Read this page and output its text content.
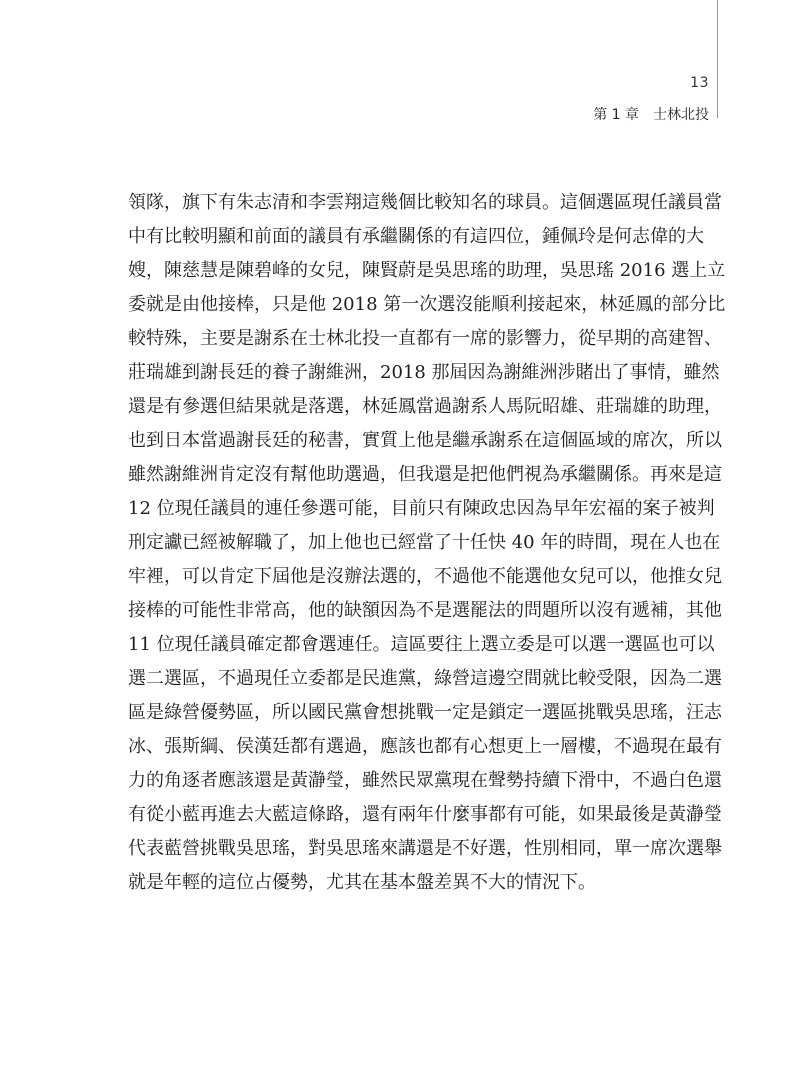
13
第 1 章 士林北投
領隊，旗下有朱志清和李雲翔這幾個比較知名的球員。這個選區現任議員當
中有比較明顯和前面的議員有承繼關係的有這四位，鍾佩玲是何志偉的大
嫂，陳慈慧是陳碧峰的女兒，陳賢蔚是吳思瑤的助理，吳思瑤 2016 選上立
委就是由他接棒，只是他 2018 第一次選沒能順利接起來，林延鳳的部分比
較特殊，主要是謝系在士林北投一直都有一席的影響力，從早期的高建智、
莊瑞雄到謝長廷的養子謝維洲，2018 那屆因為謝維洲涉賭出了事情，雖然
還是有參選但結果就是落選，林延鳳當過謝系人馬阮昭雄、莊瑞雄的助理，
也到日本當過謝長廷的秘書，實質上他是繼承謝系在這個區域的席次，所以
雖然謝維洲肯定沒有幫他助選過，但我還是把他們視為承繼關係。再來是這
12 位現任議員的連任參選可能，目前只有陳政忠因為早年宏福的案子被判
刑定讞已經被解職了，加上他也已經當了十任快 40 年的時間，現在人也在
牢裡，可以肯定下屆他是沒辦法選的，不過他不能選他女兒可以，他推女兒
接棒的可能性非常高，他的缺額因為不是選罷法的問題所以沒有遞補，其他
11 位現任議員確定都會選連任。這區要往上選立委是可以選一選區也可以
選二選區，不過現任立委都是民進黨，綠營這邊空間就比較受限，因為二選
區是綠營優勢區，所以國民黨會想挑戰一定是鎖定一選區挑戰吳思瑤，汪志
冰、張斯綱、侯漢廷都有選過，應該也都有心想更上一層樓，不過現在最有
力的角逐者應該還是黃瀞瑩，雖然民眾黨現在聲勢持續下滑中，不過白色還
有從小藍再進去大藍這條路，還有兩年什麼事都有可能，如果最後是黃瀞瑩
代表藍營挑戰吳思瑤，對吳思瑤來講還是不好選，性別相同，單一席次選舉
就是年輕的這位占優勢，尤其在基本盤差異不大的情況下。
